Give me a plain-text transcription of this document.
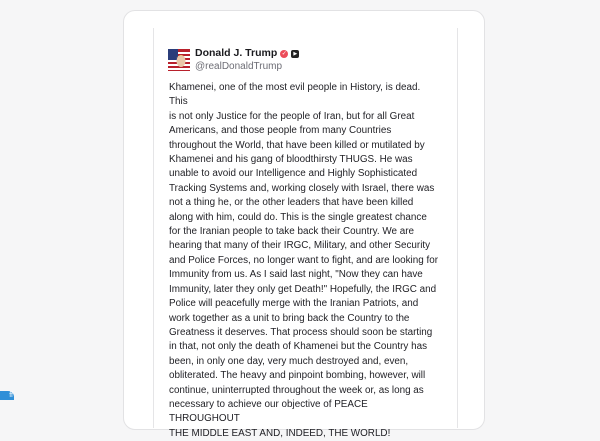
Donald J. Trump ✓	▶
@realDonaldTrump
Khamenei, one of the most evil people in History, is dead. This
is not only Justice for the people of Iran, but for all Great
Americans, and those people from many Countries
throughout the World, that have been killed or mutilated by
Khamenei and his gang of bloodthirsty THUGS. He was
unable to avoid our Intelligence and Highly Sophisticated
Tracking Systems and, working closely with Israel, there was
not a thing he, or the other leaders that have been killed
along with him, could do. This is the single greatest chance
for the Iranian people to take back their Country. We are
hearing that many of their IRGC, Military, and other Security
and Police Forces, no longer want to fight, and are looking for
Immunity from us. As I said last night, "Now they can have
Immunity, later they only get Death!" Hopefully, the IRGC and
Police will peacefully merge with the Iranian Patriots, and
work together as a unit to bring back the Country to the
Greatness it deserves. That process should soon be starting
in that, not only the death of Khamenei but the Country has
been, in only one day, very much destroyed and, even,
obliterated. The heavy and pinpoint bombing, however, will
continue, uninterrupted throughout the week or, as long as
necessary to achieve our objective of PEACE THROUGHOUT
THE MIDDLE EAST AND, INDEED, THE WORLD!
ff
